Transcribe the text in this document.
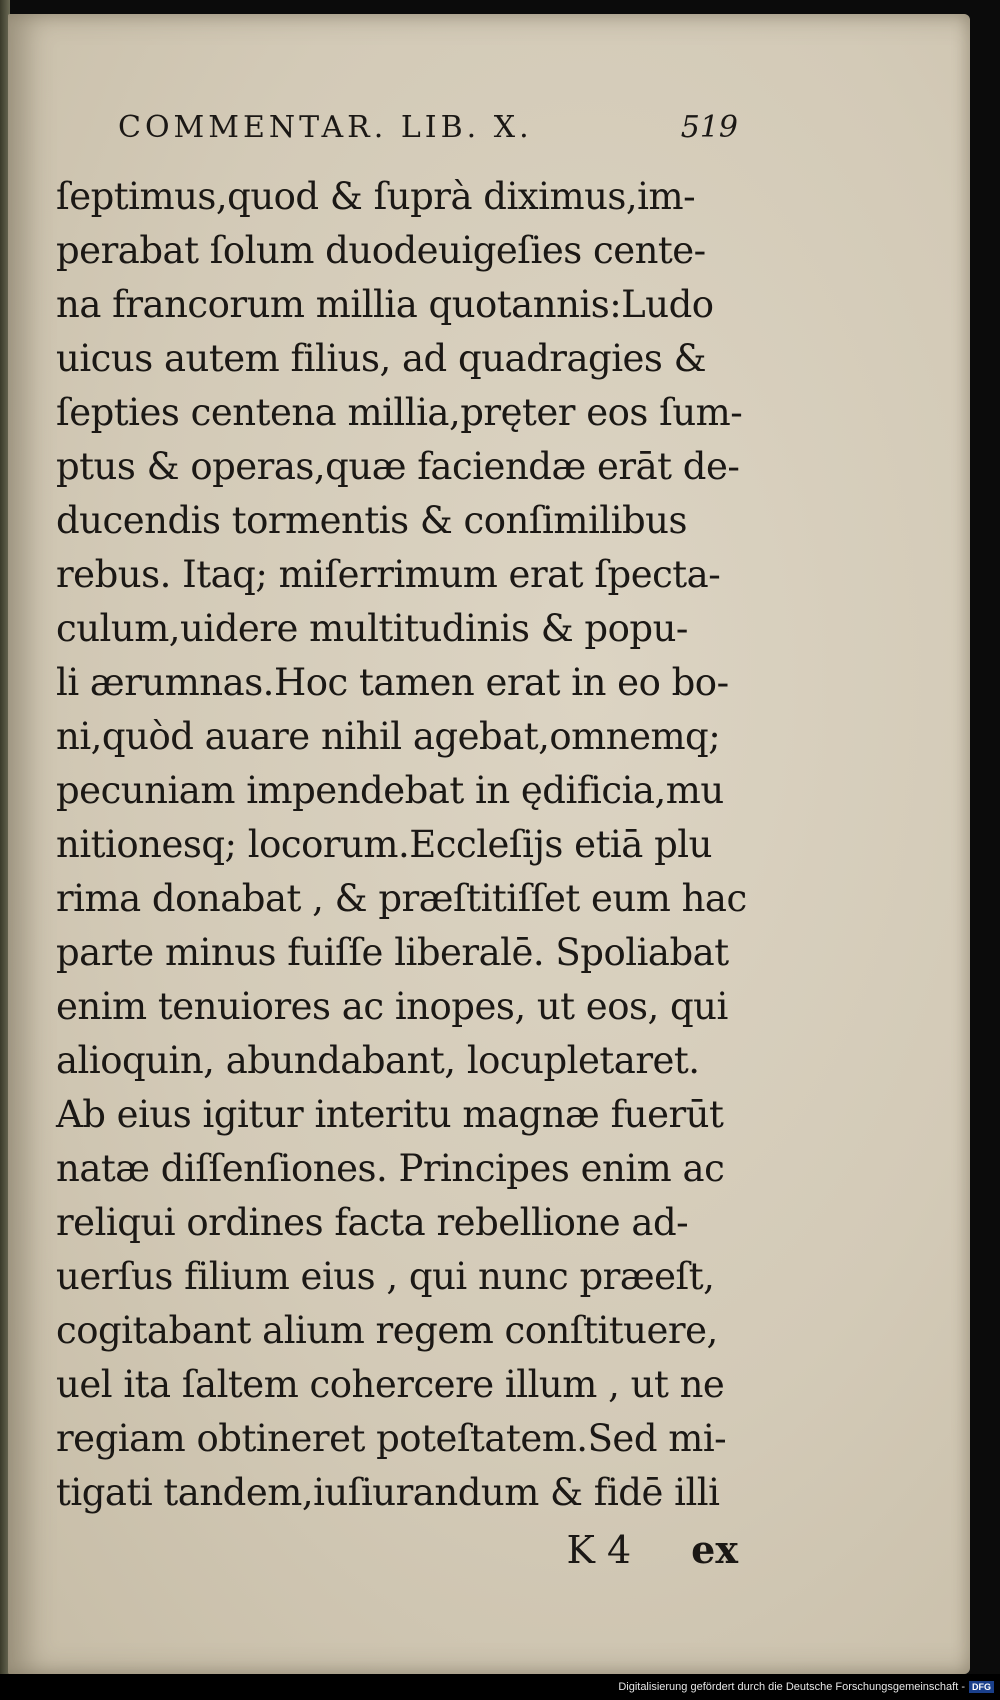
COMMENTAR. LIB. X.	519
ſeptimus,quod & ſuprà diximus,im-
perabat ſolum duodeuigeſies cente-
na francorum millia quotannis:Ludo
uicus autem filius, ad quadragies &
ſepties centena millia,pręter eos ſum-
ptus & operas,quæ faciendæ erāt de-
ducendis tormentis & conſimilibus
rebus. Itaq; miſerrimum erat ſpecta-
culum,uidere multitudinis & popu-
li ærumnas.Hoc tamen erat in eo bo-
ni,quòd auare nihil agebat,omnemq;
pecuniam impendebat in ędificia,mu
nitionesq; locorum.Eccleſijs etiā plu
rima donabat , & præſtitiſſet eum hac
parte minus fuiſſe liberalē. Spoliabat
enim tenuiores ac inopes, ut eos, qui
alioquin, abundabant, locupletaret.
Ab eius igitur interitu magnæ fuerūt
natæ diſſenſiones. Principes enim ac
reliqui ordines facta rebellione ad-
uerſus filium eius , qui nunc præeſt,
cogitabant alium regem conſtituere,
uel ita ſaltem cohercere illum , ut ne
regiam obtineret poteſtatem.Sed mi-
tigati tandem,iuſiurandum & fidē illi
K 4 ex
Digitalisierung gefördert durch die Deutsche Forschungsgemeinschaft - DFG
